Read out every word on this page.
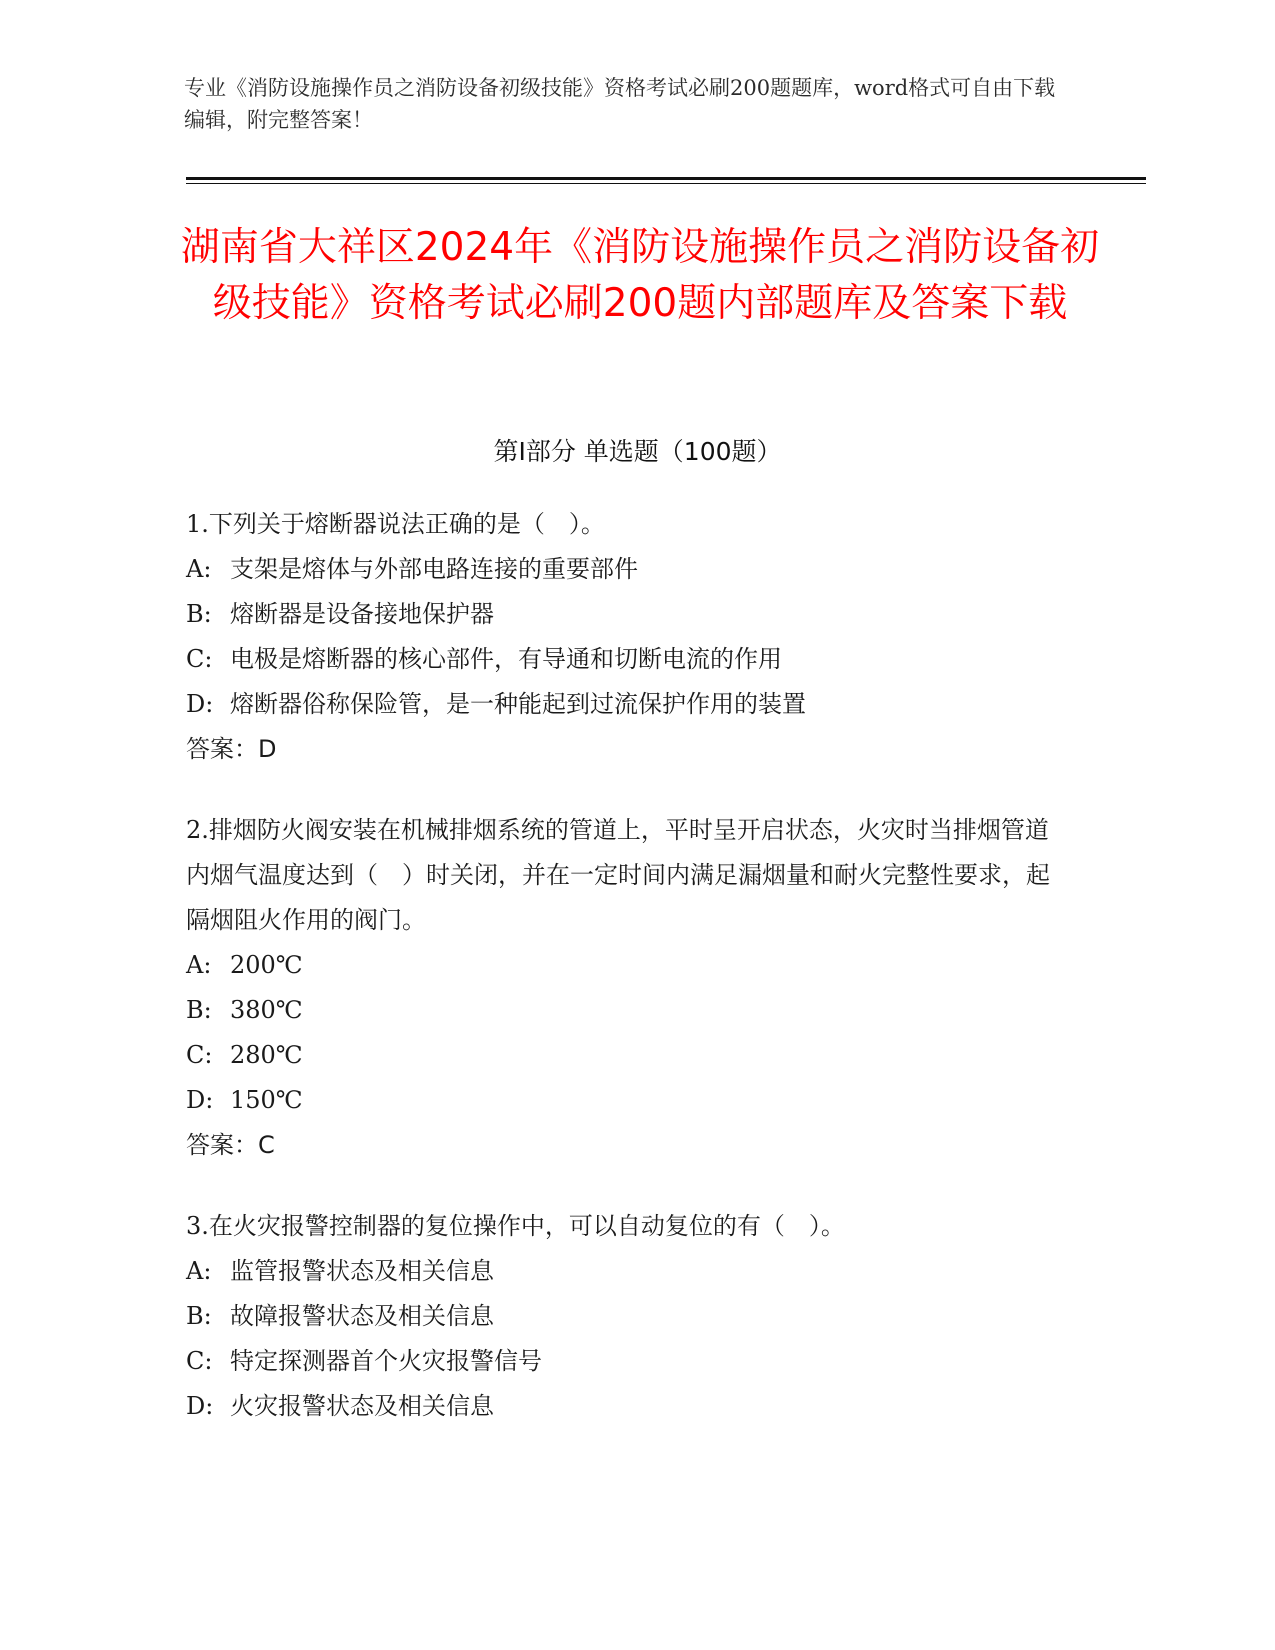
专业《消防设施操作员之消防设备初级技能》资格考试必刷200题题库，word格式可自由下载编辑，附完整答案！
湖南省大祥区2024年《消防设施操作员之消防设备初级技能》资格考试必刷200题内部题库及答案下载
第Ⅰ部分 单选题（100题）
1.下列关于熔断器说法正确的是（　）。
A: 支架是熔体与外部电路连接的重要部件
B: 熔断器是设备接地保护器
C: 电极是熔断器的核心部件，有导通和切断电流的作用
D: 熔断器俗称保险管，是一种能起到过流保护作用的装置
答案：D
2.排烟防火阀安装在机械排烟系统的管道上，平时呈开启状态，火灾时当排烟管道内烟气温度达到（　）时关闭，并在一定时间内满足漏烟量和耐火完整性要求，起隔烟阻火作用的阀门。
A: 200℃
B: 380℃
C: 280℃
D: 150℃
答案：C
3.在火灾报警控制器的复位操作中，可以自动复位的有（　）。
A: 监管报警状态及相关信息
B: 故障报警状态及相关信息
C: 特定探测器首个火灾报警信号
D: 火灾报警状态及相关信息
